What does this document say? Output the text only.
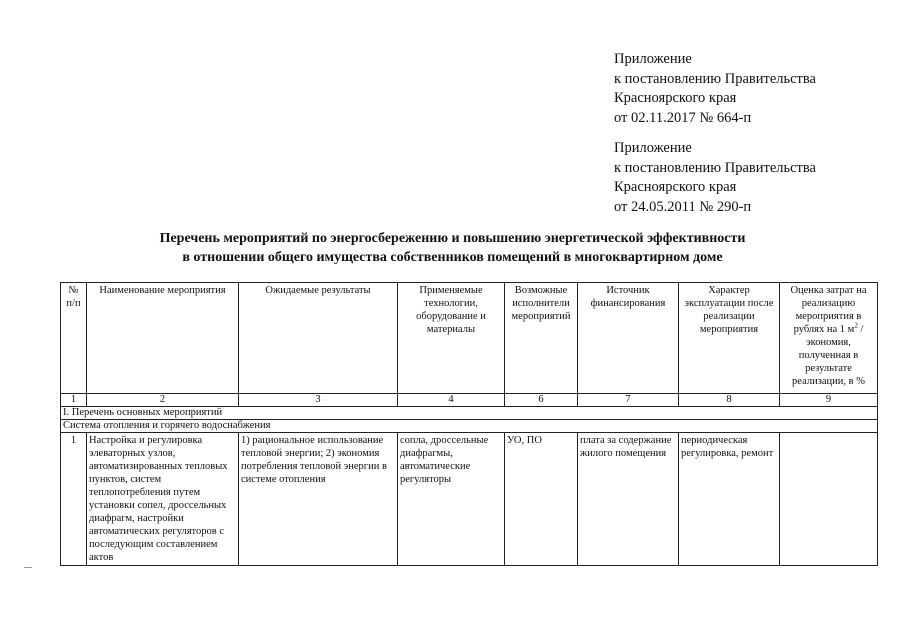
Приложение
к постановлению Правительства
Красноярского края
от 02.11.2017 № 664-п
Приложение
к постановлению Правительства
Красноярского края
от 24.05.2011 № 290-п
Перечень мероприятий по энергосбережению и повышению энергетической эффективности
в отношении общего имущества собственников помещений в многоквартирном доме
№ п/п	Наименование мероприятия	Ожидаемые результаты	Применяемые технологии, оборудование и материалы	Возможные исполнители мероприятий	Источник финансирования	Характер эксплуатации после реализации мероприятия	Оценка затрат на реализацию мероприятия в рублях на 1 $м^2$ / экономия, полученная в результате реализации, в %
1	2	3	4	6	7	8	9
I. Перечень основных мероприятий							
Система отопления и горячего водоснабжения							
1	Настройка и регулировка элеваторных узлов, автоматизированных тепловых пунктов, систем теплопотребления путем установки сопел, дроссельных диафрагм, настройки автоматических регуляторов с последующим составлением актов	1) рациональное использование тепловой энергии; 2) экономия потребления тепловой энергии в системе отопления	сопла, дроссельные диафрагмы, автоматические регуляторы	УО, ПО	плата за содержание жилого помещения	периодическая регулировка, ремонт	
